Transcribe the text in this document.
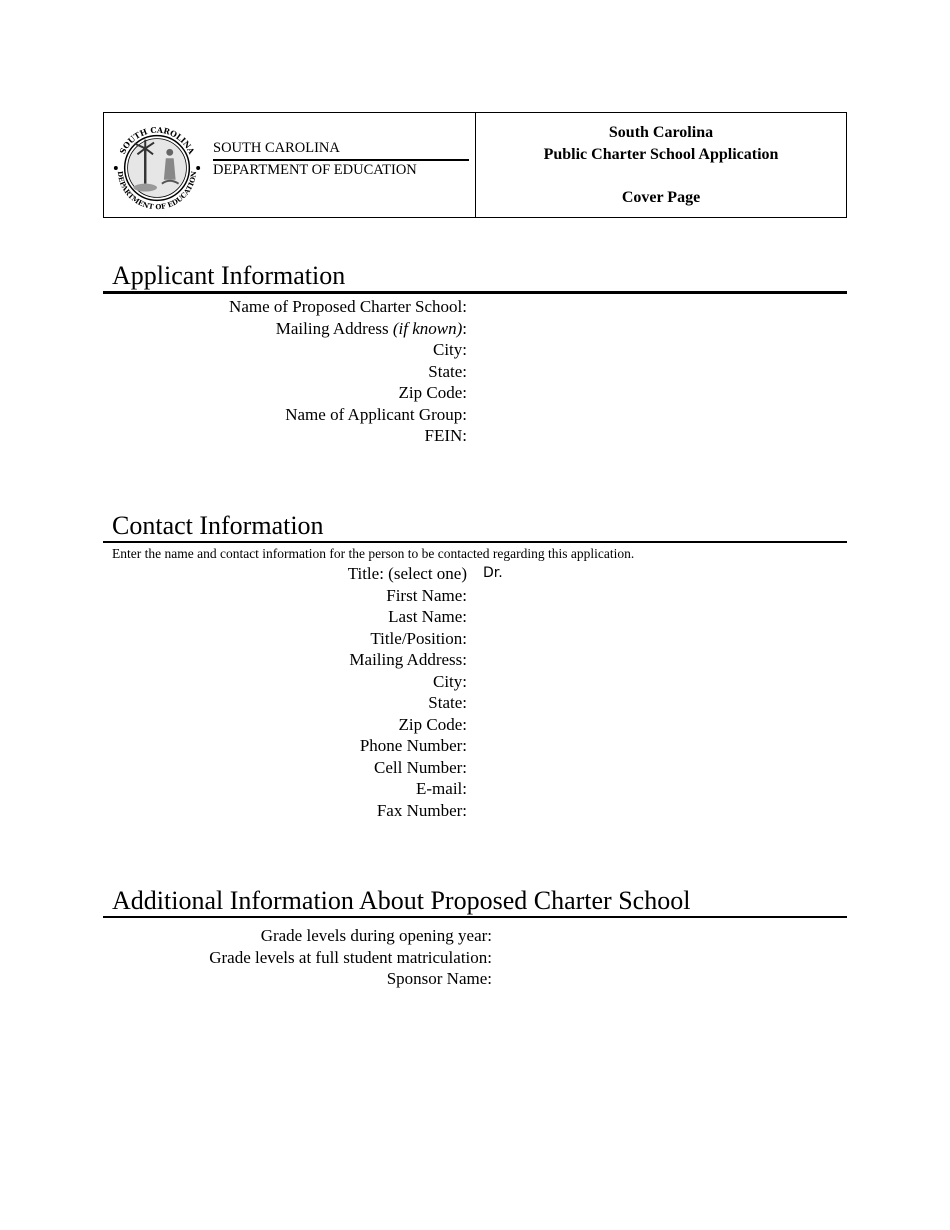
SOUTH CAROLINA
DEPARTMENT OF EDUCATION
SOUTH CAROLINA
DEPARTMENT OF EDUCATION
South Carolina
Public Charter School Application
Cover Page
Applicant Information
Name of Proposed Charter School:
Mailing Address (if known):
City:
State:
Zip Code:
Name of Applicant Group:
FEIN:
Contact Information
Enter the name and contact information for the person to be contacted regarding this application.
Title: (select one) Dr.
First Name:
Last Name:
Title/Position:
Mailing Address:
City:
State:
Zip Code:
Phone Number:
Cell Number:
E-mail:
Fax Number:
Additional Information About Proposed Charter School
Grade levels during opening year:
Grade levels at full student matriculation:
Sponsor Name:
